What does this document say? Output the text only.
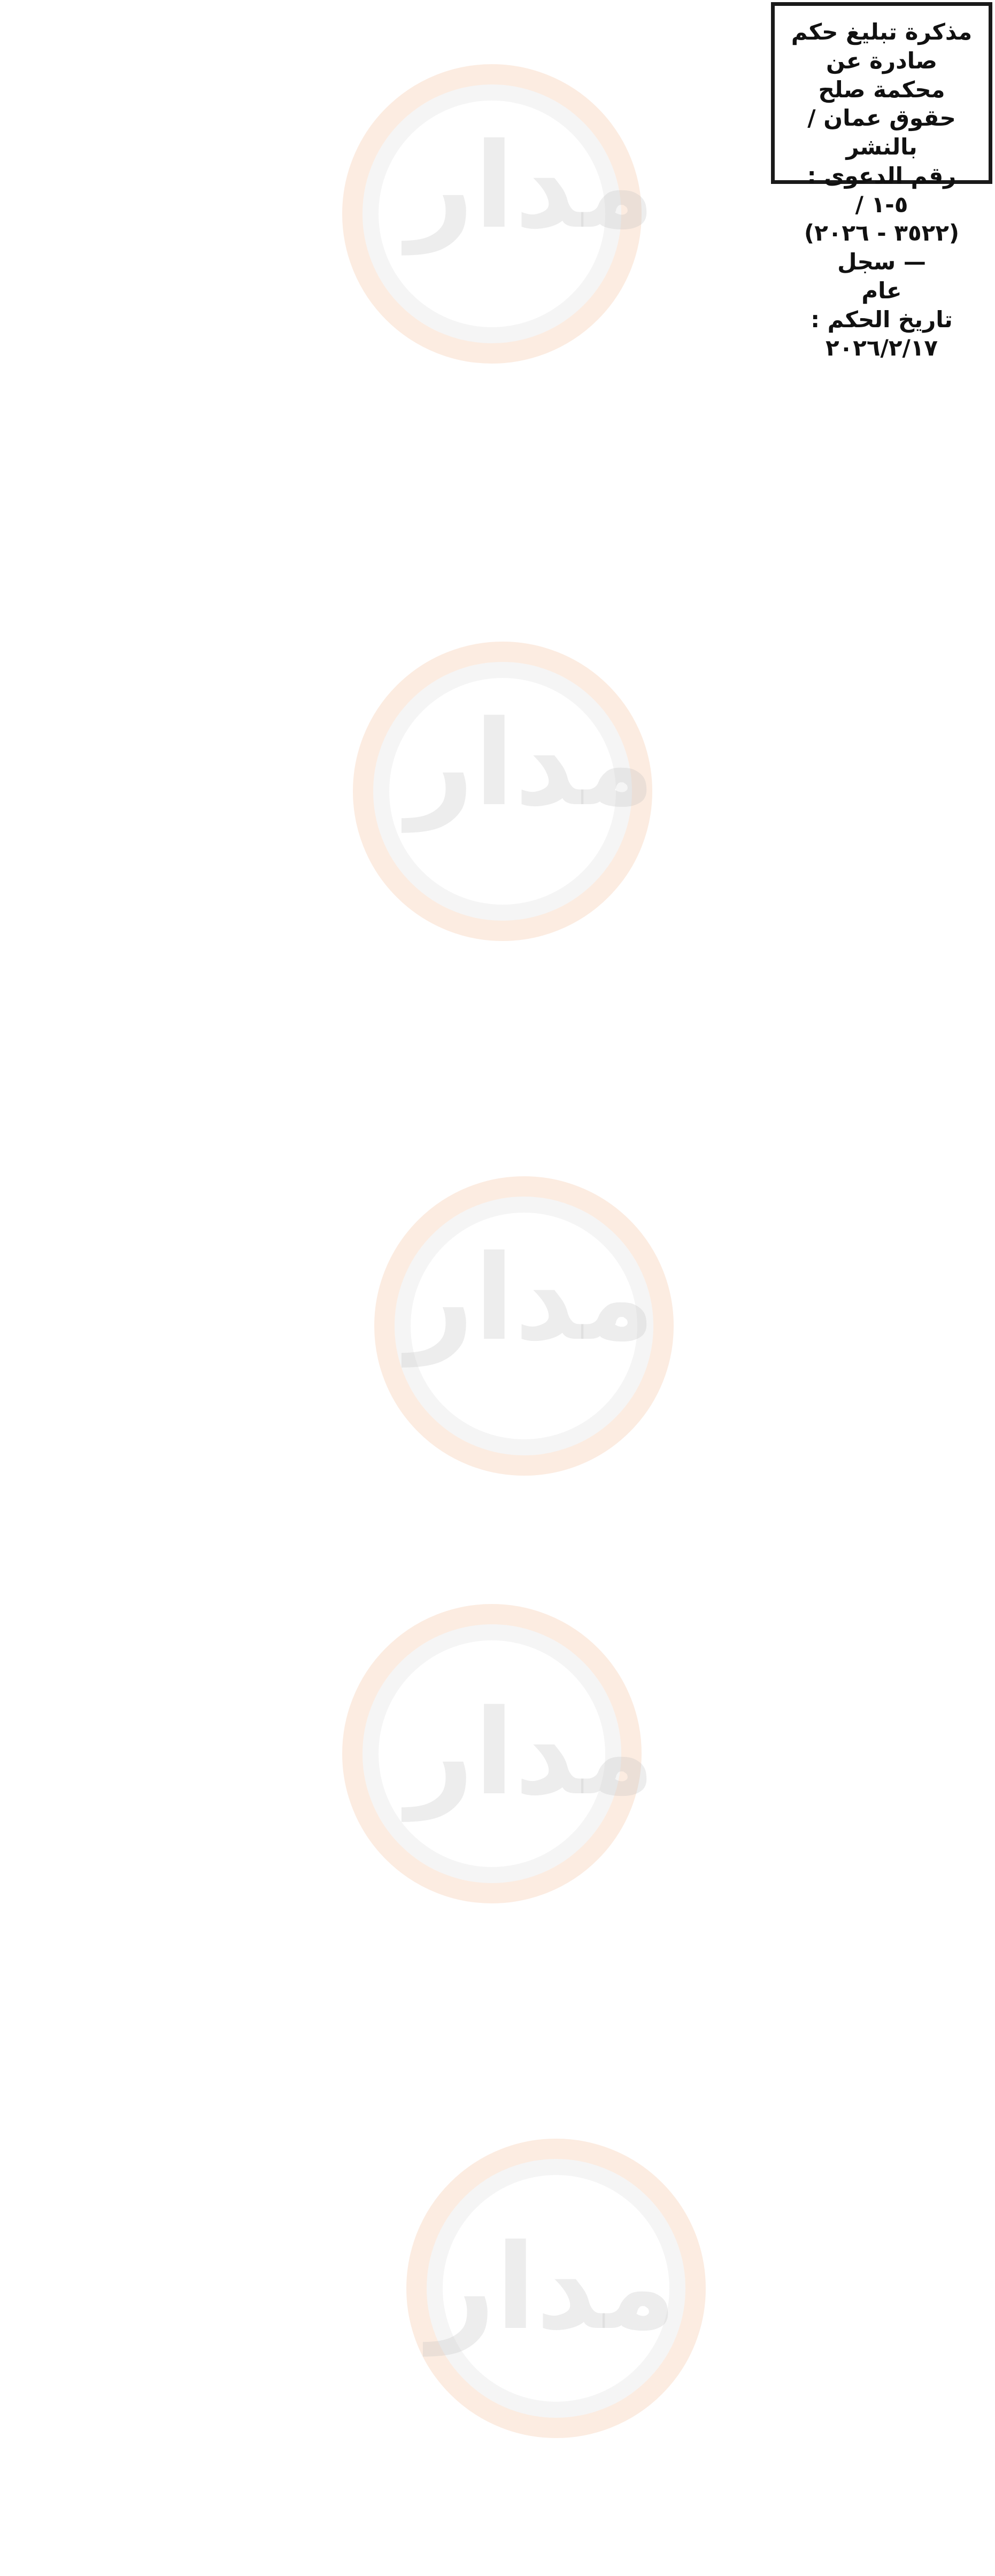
مدار
مدار
مدار
مدار
مدار
مذكرة تبليغ حكم
صادرة عن محكمة صلح
حقوق عمان /بالنشر
رقم الدعوى : ٥-١ /
(٣٥٢٢ - ٢٠٢٦) — سجل
عام
تاريخ الحكم :
٢٠٢٦/٢/١٧
